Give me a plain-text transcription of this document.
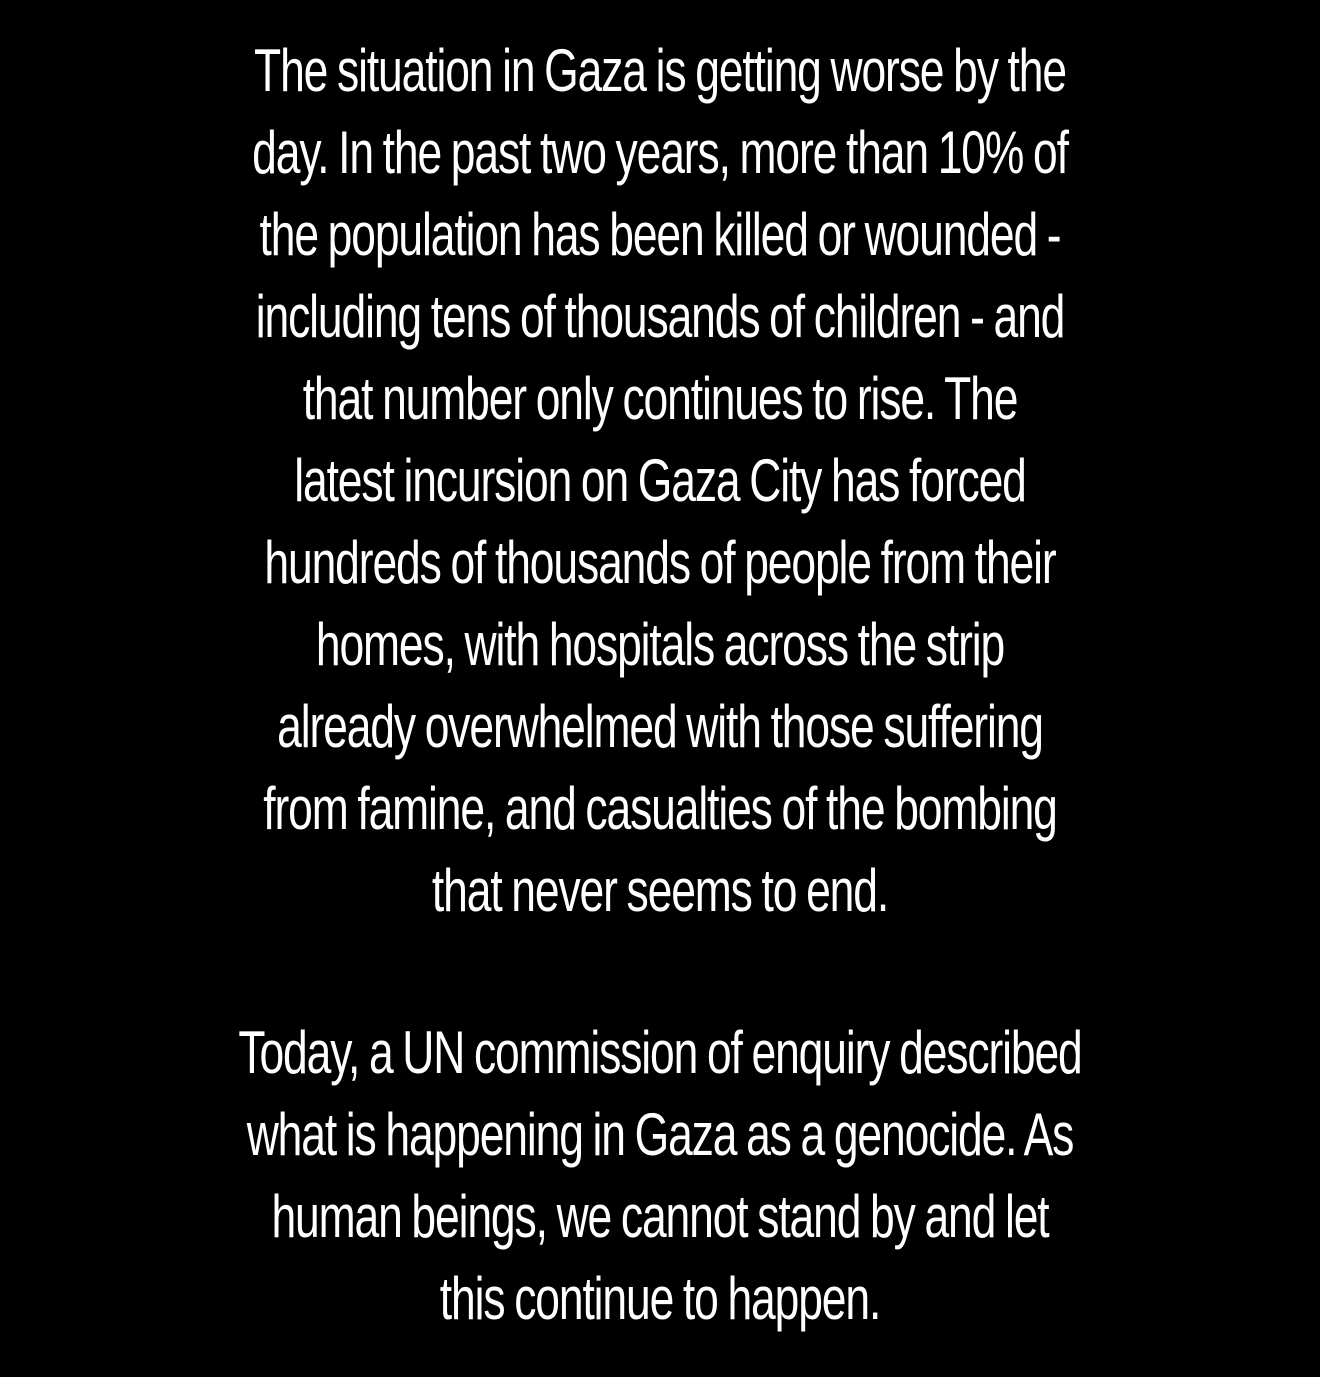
The situation in Gaza is getting worse by the
day. In the past two years, more than 10% of
the population has been killed or wounded -
including tens of thousands of children - and
that number only continues to rise. The
latest incursion on Gaza City has forced
hundreds of thousands of people from their
homes, with hospitals across the strip
already overwhelmed with those suffering
from famine, and casualties of the bombing
that never seems to end.
Today, a UN commission of enquiry described
what is happening in Gaza as a genocide. As
human beings, we cannot stand by and let
this continue to happen.
